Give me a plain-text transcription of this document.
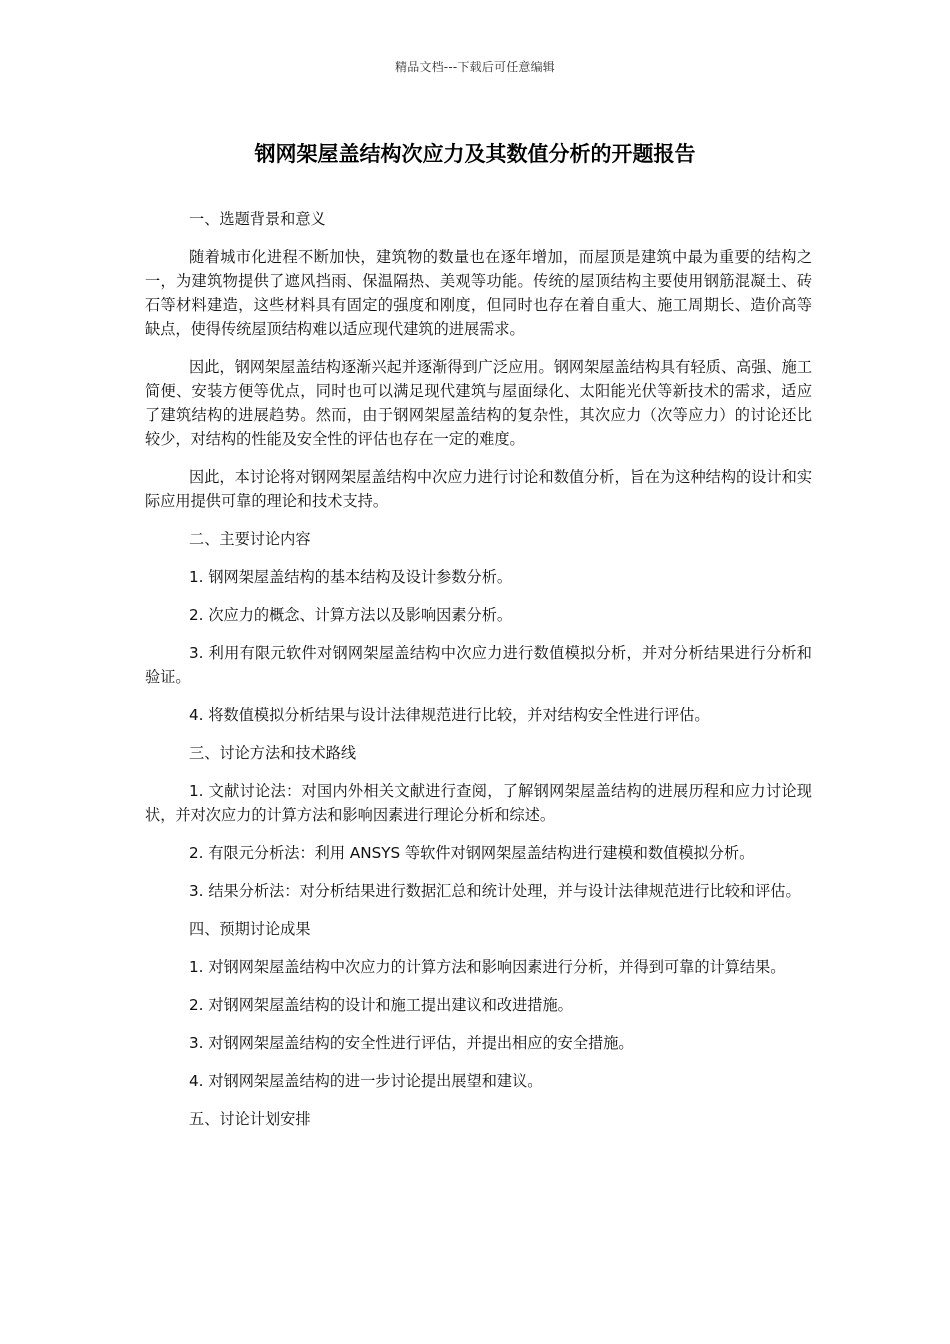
精品文档---下载后可任意编辑
钢网架屋盖结构次应力及其数值分析的开题报告

一、选题背景和意义

随着城市化进程不断加快，建筑物的数量也在逐年增加，而屋顶是建筑中最为重要的结构之一，为建筑物提供了遮风挡雨、保温隔热、美观等功能。传统的屋顶结构主要使用钢筋混凝土、砖石等材料建造，这些材料具有固定的强度和刚度，但同时也存在着自重大、施工周期长、造价高等缺点，使得传统屋顶结构难以适应现代建筑的进展需求。

因此，钢网架屋盖结构逐渐兴起并逐渐得到广泛应用。钢网架屋盖结构具有轻质、高强、施工简便、安装方便等优点，同时也可以满足现代建筑与屋面绿化、太阳能光伏等新技术的需求，适应了建筑结构的进展趋势。然而，由于钢网架屋盖结构的复杂性，其次应力（次等应力）的讨论还比较少，对结构的性能及安全性的评估也存在一定的难度。

因此，本讨论将对钢网架屋盖结构中次应力进行讨论和数值分析，旨在为这种结构的设计和实际应用提供可靠的理论和技术支持。

二、主要讨论内容

1. 钢网架屋盖结构的基本结构及设计参数分析。

2. 次应力的概念、计算方法以及影响因素分析。

3. 利用有限元软件对钢网架屋盖结构中次应力进行数值模拟分析，并对分析结果进行分析和验证。

4. 将数值模拟分析结果与设计法律规范进行比较，并对结构安全性进行评估。

三、讨论方法和技术路线

1. 文献讨论法：对国内外相关文献进行查阅，了解钢网架屋盖结构的进展历程和应力讨论现状，并对次应力的计算方法和影响因素进行理论分析和综述。

2. 有限元分析法：利用 ANSYS 等软件对钢网架屋盖结构进行建模和数值模拟分析。

3. 结果分析法：对分析结果进行数据汇总和统计处理，并与设计法律规范进行比较和评估。

四、预期讨论成果

1. 对钢网架屋盖结构中次应力的计算方法和影响因素进行分析，并得到可靠的计算结果。

2. 对钢网架屋盖结构的设计和施工提出建议和改进措施。

3. 对钢网架屋盖结构的安全性进行评估，并提出相应的安全措施。

4. 对钢网架屋盖结构的进一步讨论提出展望和建议。

五、讨论计划安排
